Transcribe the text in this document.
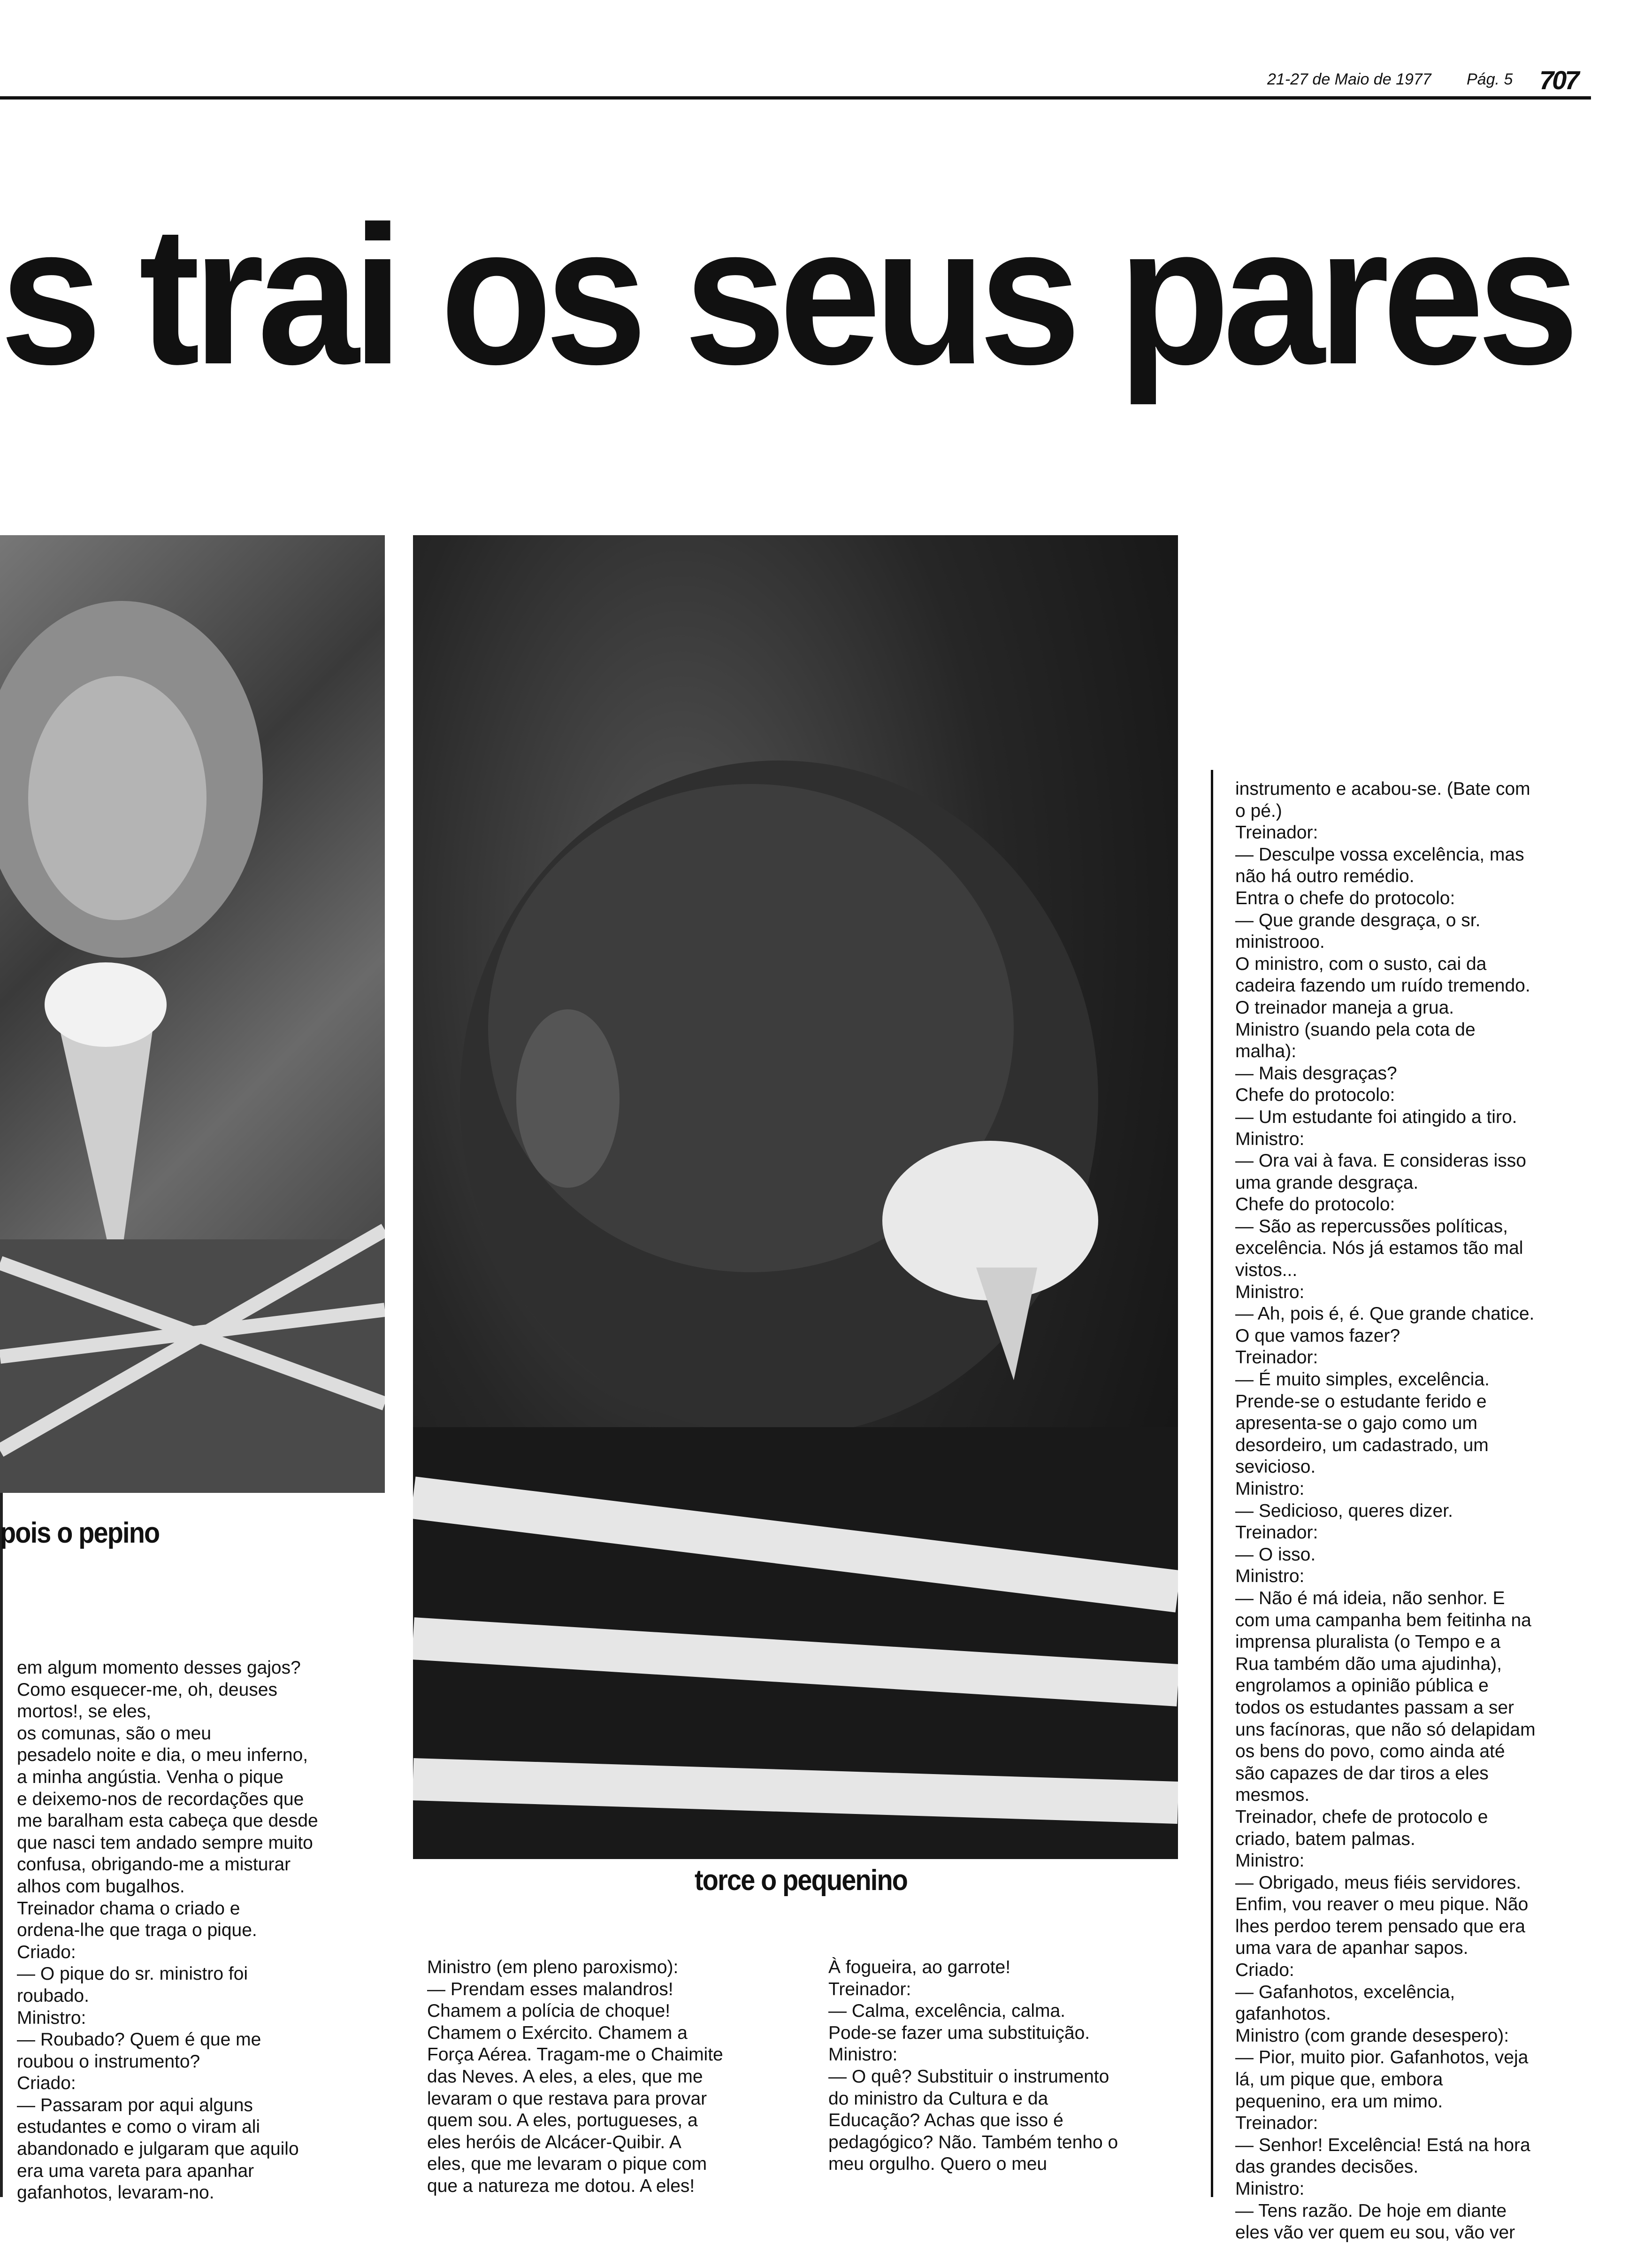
21-27 de Maio de 1977 Pág. 5 707
s trai os seus pares
pois o pepino
torce o pequenino
em algum momento desses gajos?
Como esquecer-me, oh, deuses
mortos!, se eles,
os comunas, são o meu
pesadelo noite e dia, o meu inferno,
a minha angústia. Venha o pique
e deixemo-nos de recordações que
me baralham esta cabeça que desde
que nasci tem andado sempre muito
confusa, obrigando-me a misturar
alhos com bugalhos.
Treinador chama o criado e
ordena-lhe que traga o pique.
Criado:
— O pique do sr. ministro foi
roubado.
Ministro:
— Roubado? Quem é que me
roubou o instrumento?
Criado:
— Passaram por aqui alguns
estudantes e como o viram ali
abandonado e julgaram que aquilo
era uma vareta para apanhar
gafanhotos, levaram-no.
Ministro (em pleno paroxismo):
— Prendam esses malandros!
Chamem a polícia de choque!
Chamem o Exército. Chamem a
Força Aérea. Tragam-me o Chaimite
das Neves. A eles, a eles, que me
levaram o que restava para provar
quem sou. A eles, portugueses, a
eles heróis de Alcácer-Quibir. A
eles, que me levaram o pique com
que a natureza me dotou. A eles!
À fogueira, ao garrote!
Treinador:
— Calma, excelência, calma.
Pode-se fazer uma substituição.
Ministro:
— O quê? Substituir o instrumento
do ministro da Cultura e da
Educação? Achas que isso é
pedagógico? Não. Também tenho o
meu orgulho. Quero o meu
instrumento e acabou-se. (Bate com
o pé.)
Treinador:
— Desculpe vossa excelência, mas
não há outro remédio.
Entra o chefe do protocolo:
— Que grande desgraça, o sr.
ministrooo.
O ministro, com o susto, cai da
cadeira fazendo um ruído tremendo.
O treinador maneja a grua.
Ministro (suando pela cota de
malha):
— Mais desgraças?
Chefe do protocolo:
— Um estudante foi atingido a tiro.
Ministro:
— Ora vai à fava. E consideras isso
uma grande desgraça.
Chefe do protocolo:
— São as repercussões políticas,
excelência. Nós já estamos tão mal
vistos...
Ministro:
— Ah, pois é, é. Que grande chatice.
O que vamos fazer?
Treinador:
— É muito simples, excelência.
Prende-se o estudante ferido e
apresenta-se o gajo como um
desordeiro, um cadastrado, um
sevicioso.
Ministro:
— Sedicioso, queres dizer.
Treinador:
— O isso.
Ministro:
— Não é má ideia, não senhor. E
com uma campanha bem feitinha na
imprensa pluralista (o Tempo e a
Rua também dão uma ajudinha),
engrolamos a opinião pública e
todos os estudantes passam a ser
uns facínoras, que não só delapidam
os bens do povo, como ainda até
são capazes de dar tiros a eles
mesmos.
Treinador, chefe de protocolo e
criado, batem palmas.
Ministro:
— Obrigado, meus fiéis servidores.
Enfim, vou reaver o meu pique. Não
lhes perdoo terem pensado que era
uma vara de apanhar sapos.
Criado:
— Gafanhotos, excelência,
gafanhotos.
Ministro (com grande desespero):
— Pior, muito pior. Gafanhotos, veja
lá, um pique que, embora
pequenino, era um mimo.
Treinador:
— Senhor! Excelência! Está na hora
das grandes decisões.
Ministro:
— Tens razão. De hoje em diante
eles vão ver quem eu sou, vão ver
